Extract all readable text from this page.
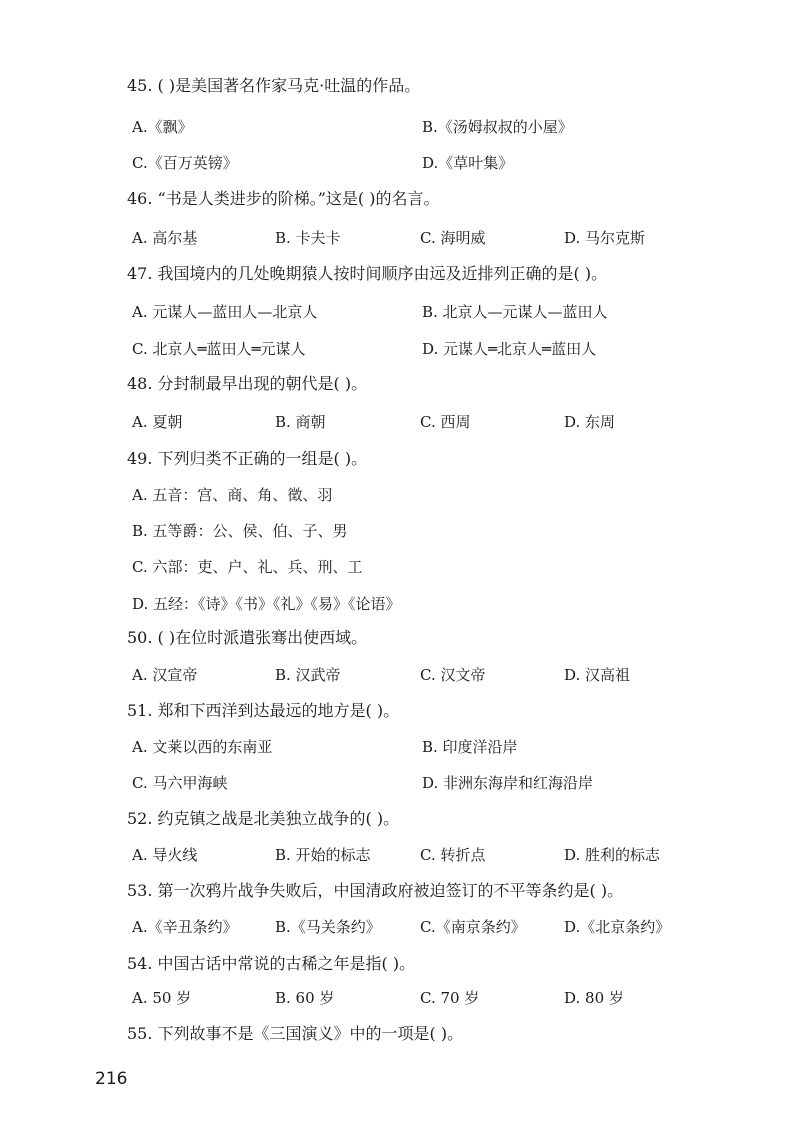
45. ( )是美国著名作家马克·吐温的作品。
A.《飘》	B.《汤姆叔叔的小屋》
C.《百万英镑》	D.《草叶集》
46. “书是人类进步的阶梯。”这是( )的名言。
A. 高尔基	B. 卡夫卡	C. 海明威	D. 马尔克斯
47. 我国境内的几处晚期猿人按时间顺序由远及近排列正确的是( )。
A. 元谋人—蓝田人—北京人	B. 北京人—元谋人—蓝田人
C. 北京人═蓝田人═元谋人	D. 元谋人═北京人═蓝田人
48. 分封制最早出现的朝代是( )。
A. 夏朝	B. 商朝	C. 西周	D. 东周
49. 下列归类不正确的一组是( )。
A. 五音：宫、商、角、徵、羽
B. 五等爵：公、侯、伯、子、男
C. 六部：吏、户、礼、兵、刑、工
D. 五经：《诗》《书》《礼》《易》《论语》
50. ( )在位时派遣张骞出使西域。
A. 汉宣帝	B. 汉武帝	C. 汉文帝	D. 汉高祖
51. 郑和下西洋到达最远的地方是( )。
A. 文莱以西的东南亚	B. 印度洋沿岸
C. 马六甲海峡	D. 非洲东海岸和红海沿岸
52. 约克镇之战是北美独立战争的( )。
A. 导火线	B. 开始的标志	C. 转折点	D. 胜利的标志
53. 第一次鸦片战争失败后，中国清政府被迫签订的不平等条约是( )。
A.《辛丑条约》 B.《马关条约》	C.《南京条约》	D.《北京条约》
54. 中国古话中常说的古稀之年是指( )。
A. 50 岁	B. 60 岁	C. 70 岁	D. 80 岁
55. 下列故事不是《三国演义》中的一项是( )。
216
